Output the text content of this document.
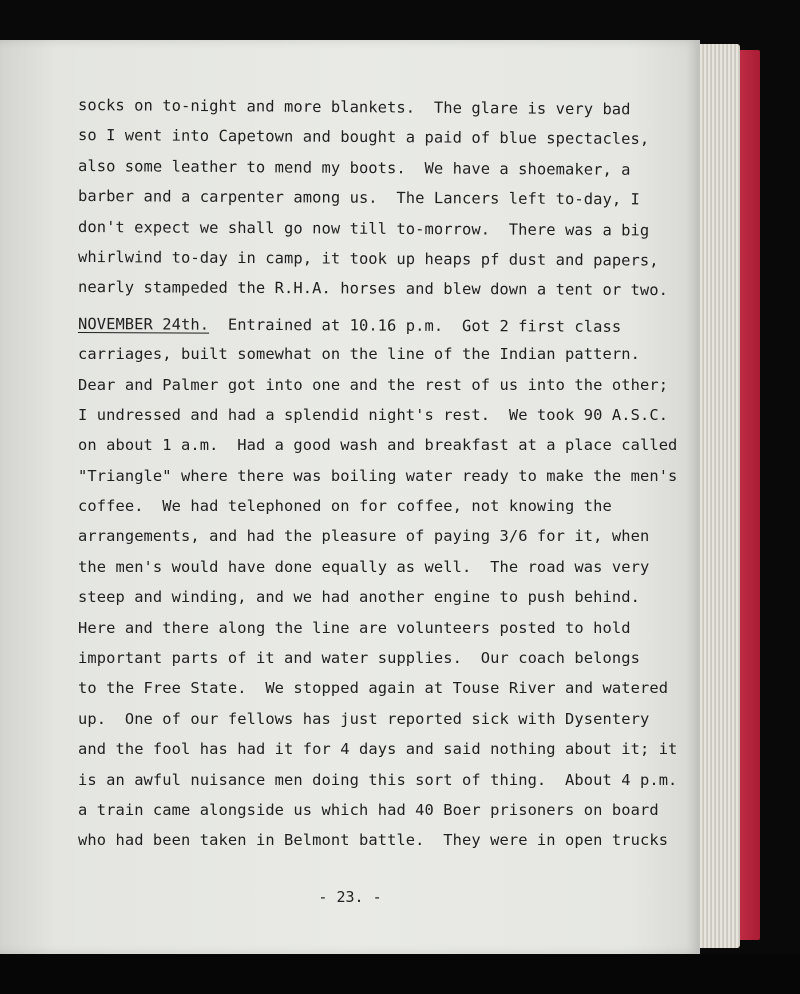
socks on to-night and more blankets.  The glare is very bad
so I went into Capetown and bought a paid of blue spectacles,
also some leather to mend my boots.  We have a shoemaker, a
barber and a carpenter among us.  The Lancers left to-day, I
don't expect we shall go now till to-morrow.  There was a big
whirlwind to-day in camp, it took up heaps pf dust and papers,
nearly stampeded the R.H.A. horses and blew down a tent or two.
NOVEMBER 24th.  Entrained at 10.16 p.m.  Got 2 first class
carriages, built somewhat on the line of the Indian pattern.
Dear and Palmer got into one and the rest of us into the other;
I undressed and had a splendid night's rest.  We took 90 A.S.C.
on about 1 a.m.  Had a good wash and breakfast at a place called
"Triangle" where there was boiling water ready to make the men's
coffee.  We had telephoned on for coffee, not knowing the
arrangements, and had the pleasure of paying 3/6 for it, when
the men's would have done equally as well.  The road was very
steep and winding, and we had another engine to push behind.
Here and there along the line are volunteers posted to hold
important parts of it and water supplies.  Our coach belongs
to the Free State.  We stopped again at Touse River and watered
up.  One of our fellows has just reported sick with Dysentery
and the fool has had it for 4 days and said nothing about it; it
is an awful nuisance men doing this sort of thing.  About 4 p.m.
a train came alongside us which had 40 Boer prisoners on board
who had been taken in Belmont battle.  They were in open trucks
- 23. -
